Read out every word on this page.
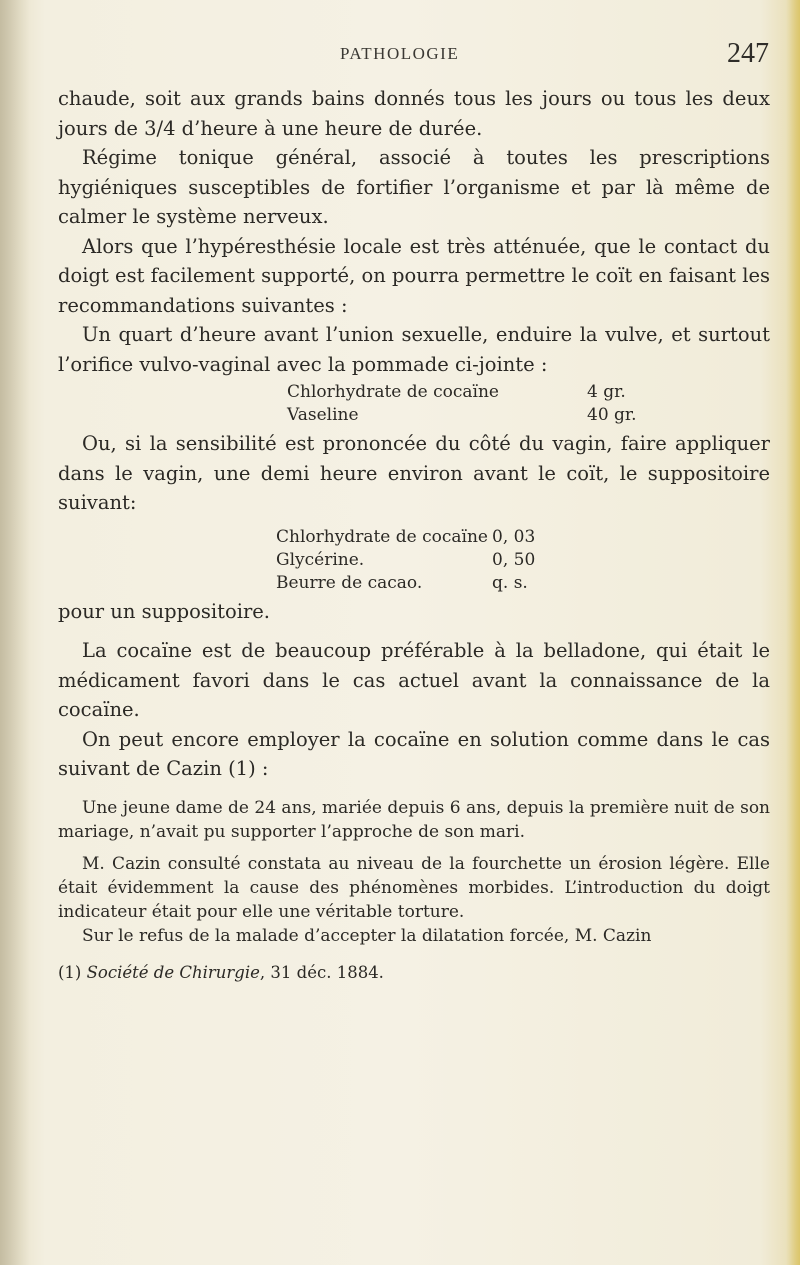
PATHOLOGIE	247

chaude, soit aux grands bains donnés tous les jours ou tous les deux jours de 3/4 d’heure à une heure de durée.

Régime tonique général, associé à toutes les prescriptions hygiéniques susceptibles de fortifier l’organisme et par là même de calmer le système nerveux.

Alors que l’hypéresthésie locale est très atténuée, que le contact du doigt est facilement supporté, on pourra permettre le coït en faisant les recommandations suivantes :

Un quart d’heure avant l’union sexuelle, enduire la vulve, et surtout l’orifice vulvo-vaginal avec la pommade ci-jointe :

Chlorhydrate de cocaïne	4 gr.
Vaseline	40 gr.

Ou, si la sensibilité est prononcée du côté du vagin, faire appliquer dans le vagin, une demi heure environ avant le coït, le suppositoire suivant:

Chlorhydrate de cocaïne 0, 03
Glycérine.	0, 50
Beurre de cacao.	q. s.

pour un suppositoire.

La cocaïne est de beaucoup préférable à la belladone, qui était le médicament favori dans le cas actuel avant la connaissance de la cocaïne.

On peut encore employer la cocaïne en solution comme dans le cas suivant de Cazin (1) :

Une jeune dame de 24 ans, mariée depuis 6 ans, depuis la première nuit de son mariage, n’avait pu supporter l’approche de son mari.

M. Cazin consulté constata au niveau de la fourchette un érosion légère. Elle était évidemment la cause des phénomènes morbides. L’introduction du doigt indicateur était pour elle une véritable torture.

Sur le refus de la malade d’accepter la dilatation forcée, M. Cazin

(1) Société de Chirurgie, 31 déc. 1884.
